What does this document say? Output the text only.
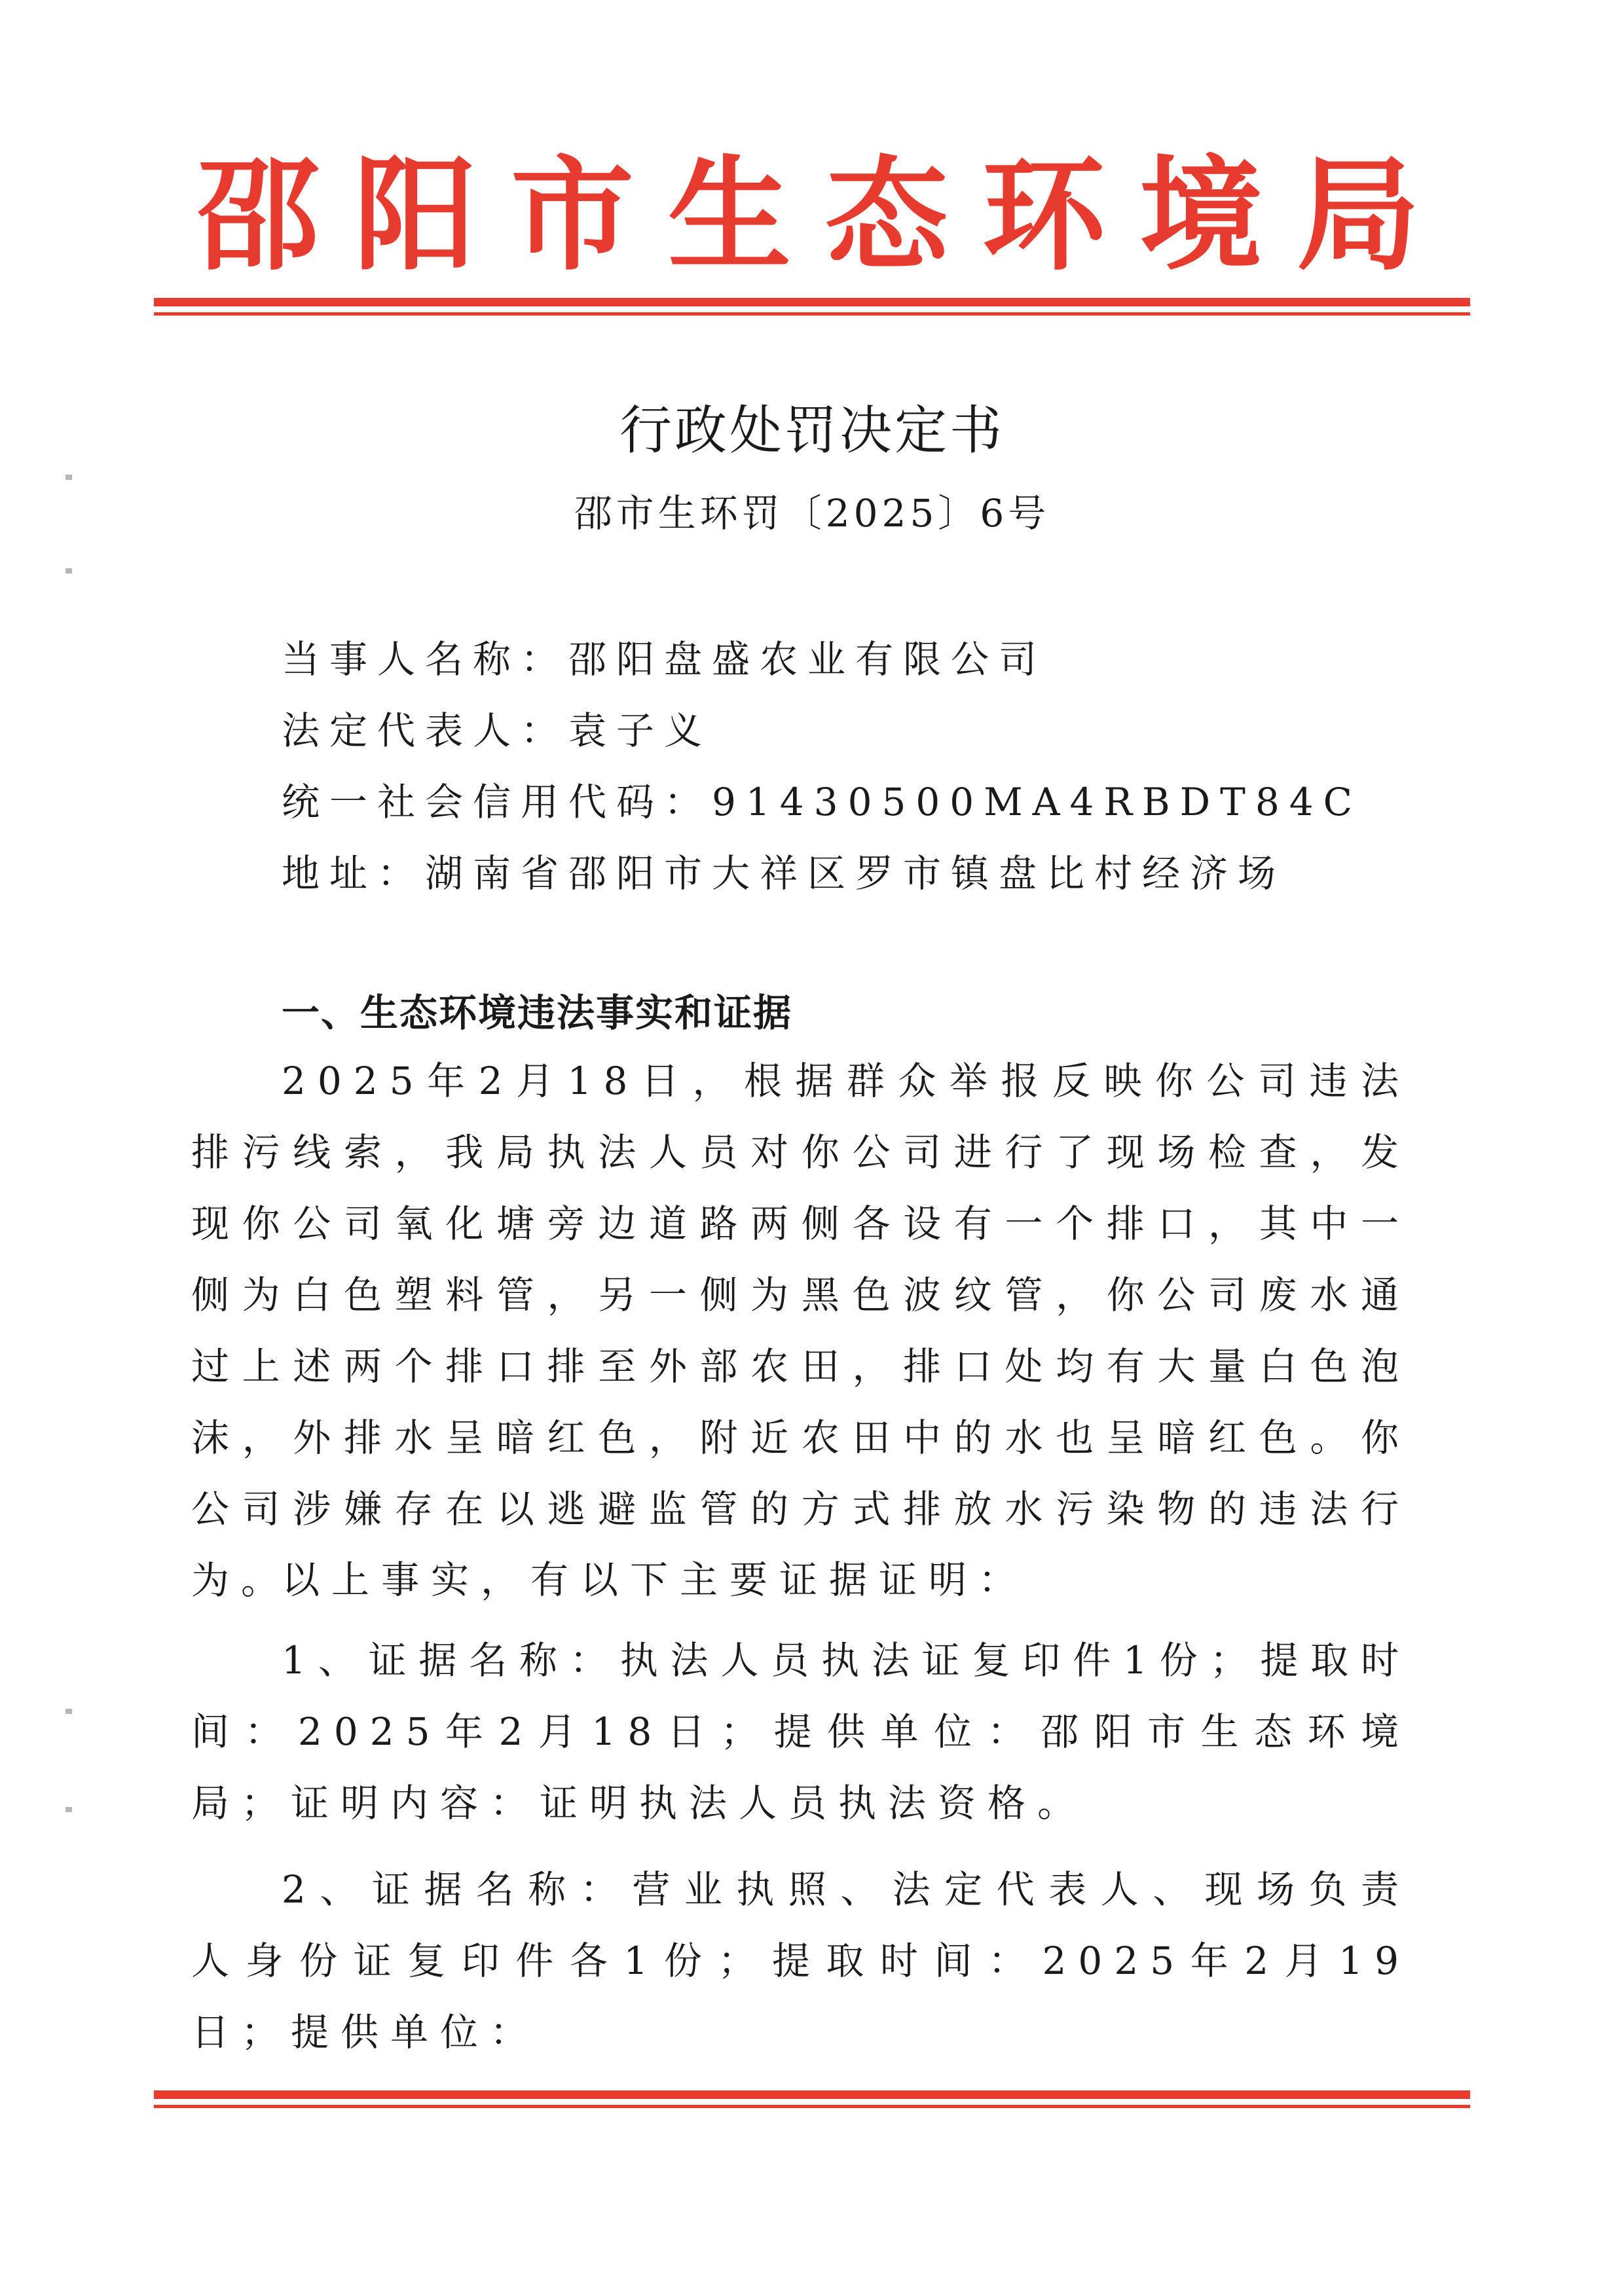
邵阳市生态环境局
行政处罚决定书
邵市生环罚〔2025〕6号
当事人名称：邵阳盘盛农业有限公司
法定代表人：袁子义
统一社会信用代码：91430500MA4RBDT84C
地址：湖南省邵阳市大祥区罗市镇盘比村经济场
一、生态环境违法事实和证据

2025年2月18日，根据群众举报反映你公司违法排污线索，我局执法人员对你公司进行了现场检查，发现你公司氧化塘旁边道路两侧各设有一个排口，其中一侧为白色塑料管，另一侧为黑色波纹管，你公司废水通过上述两个排口排至外部农田，排口处均有大量白色泡沫，外排水呈暗红色，附近农田中的水也呈暗红色。你公司涉嫌存在以逃避监管的方式排放水污染物的违法行为。

以上事实，有以下主要证据证明：

1、证据名称：执法人员执法证复印件1份；提取时间：2025年2月18日；提供单位：邵阳市生态环境局；证明内容：证明执法人员执法资格。

2、证据名称：营业执照、法定代表人、现场负责人身份证复印件各1份；提取时间：2025年2月19日；提供单位：
